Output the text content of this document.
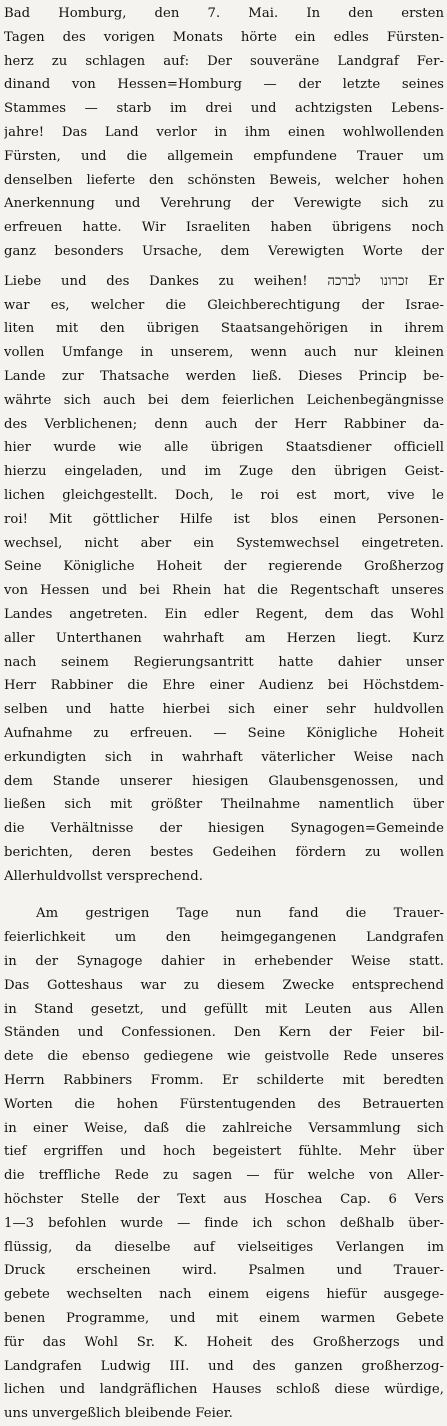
Bad Homburg, den 7. Mai. In den ersten
Tagen des vorigen Monats hörte ein edles Fürsten-
herz zu schlagen auf: Der souveräne Landgraf Fer-
dinand von Hessen=Homburg — der letzte seines
Stammes — starb im drei und achtzigsten Lebens-
jahre! Das Land verlor in ihm einen wohlwollenden
Fürsten, und die allgemein empfundene Trauer um
denselben lieferte den schönsten Beweis, welcher hohen
Anerkennung und Verehrung der Verewigte sich zu
erfreuen hatte. Wir Israeliten haben übrigens noch
ganz besonders Ursache, dem Verewigten Worte der
Liebe und des Dankes zu weihen! זכרונו לברכה Er
war es, welcher die Gleichberechtigung der Israe-
liten mit den übrigen Staatsangehörigen in ihrem
vollen Umfange in unserem, wenn auch nur kleinen
Lande zur Thatsache werden ließ. Dieses Princip be-
währte sich auch bei dem feierlichen Leichenbegängnisse
des Verblichenen; denn auch der Herr Rabbiner da-
hier wurde wie alle übrigen Staatsdiener officiell
hierzu eingeladen, und im Zuge den übrigen Geist-
lichen gleichgestellt. Doch, le roi est mort, vive le
roi! Mit göttlicher Hilfe ist blos einen Personen-
wechsel, nicht aber ein Systemwechsel eingetreten.
Seine Königliche Hoheit der regierende Großherzog
von Hessen und bei Rhein hat die Regentschaft unseres
Landes angetreten. Ein edler Regent, dem das Wohl
aller Unterthanen wahrhaft am Herzen liegt. Kurz
nach seinem Regierungsantritt hatte dahier unser
Herr Rabbiner die Ehre einer Audienz bei Höchstdem-
selben und hatte hierbei sich einer sehr huldvollen
Aufnahme zu erfreuen. — Seine Königliche Hoheit
erkundigten sich in wahrhaft väterlicher Weise nach
dem Stande unserer hiesigen Glaubensgenossen, und
ließen sich mit größter Theilnahme namentlich über
die Verhältnisse der hiesigen Synagogen=Gemeinde
berichten, deren bestes Gedeihen fördern zu wollen
Allerhuldvollst versprechend.
Am gestrigen Tage nun fand die Trauer-
feierlichkeit um den heimgegangenen Landgrafen
in der Synagoge dahier in erhebender Weise statt.
Das Gotteshaus war zu diesem Zwecke entsprechend
in Stand gesetzt, und gefüllt mit Leuten aus Allen
Ständen und Confessionen. Den Kern der Feier bil-
dete die ebenso gediegene wie geistvolle Rede unseres
Herrn Rabbiners Fromm. Er schilderte mit beredten
Worten die hohen Fürstentugenden des Betrauerten
in einer Weise, daß die zahlreiche Versammlung sich
tief ergriffen und hoch begeistert fühlte. Mehr über
die treffliche Rede zu sagen — für welche von Aller-
höchster Stelle der Text aus Hoschea Cap. 6 Vers
1—3 befohlen wurde — finde ich schon deßhalb über-
flüssig, da dieselbe auf vielseitiges Verlangen im
Druck erscheinen wird. Psalmen und Trauer-
gebete wechselten nach einem eigens hiefür ausgege-
benen Programme, und mit einem warmen Gebete
für das Wohl Sr. K. Hoheit des Großherzogs und
Landgrafen Ludwig III. und des ganzen großherzog-
lichen und landgräflichen Hauses schloß diese würdige,
uns unvergeßlich bleibende Feier.
